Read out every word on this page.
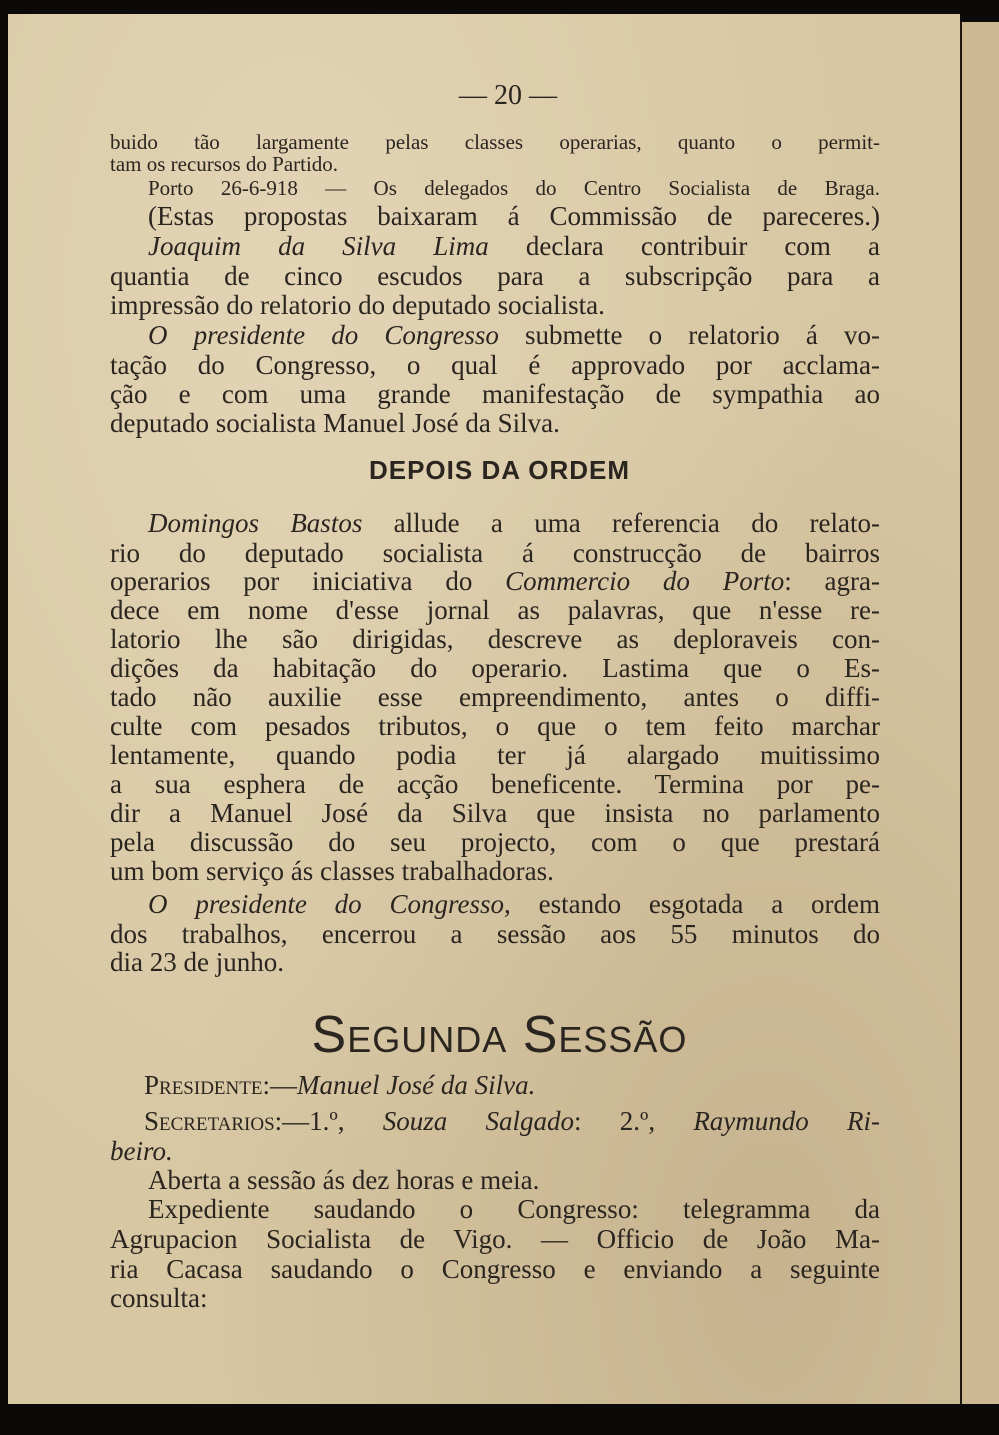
— 20 —
buido tão largamente pelas classes operarias, quanto o permit-
tam os recursos do Partido.
Porto 26-6-918 — Os delegados do Centro Socialista de Braga.
(Estas propostas baixaram á Commissão de pareceres.)
Joaquim da Silva Lima declara contribuir com a
quantia de cinco escudos para a subscripção para a
impressão do relatorio do deputado socialista.
O presidente do Congresso submette o relatorio á vo-
tação do Congresso, o qual é approvado por acclama-
ção e com uma grande manifestação de sympathia ao
deputado socialista Manuel José da Silva.
Domingos Bastos allude a uma referencia do relato-
rio do deputado socialista á construcção de bairros
operarios por iniciativa do Commercio do Porto: agra-
dece em nome d'esse jornal as palavras, que n'esse re-
latorio lhe são dirigidas, descreve as deploraveis con-
dições da habitação do operario. Lastima que o Es-
tado não auxilie esse empreendimento, antes o diffi-
culte com pesados tributos, o que o tem feito marchar
lentamente, quando podia ter já alargado muitissimo
a sua esphera de acção beneficente. Termina por pe-
dir a Manuel José da Silva que insista no parlamento
pela discussão do seu projecto, com o que prestará
um bom serviço ás classes trabalhadoras.
O presidente do Congresso, estando esgotada a ordem
dos trabalhos, encerrou a sessão aos 55 minutos do
dia 23 de junho.
Presidente:—Manuel José da Silva.
Secretarios:—1.º, Souza Salgado: 2.º, Raymundo Ri-
beiro.
Aberta a sessão ás dez horas e meia.
Expediente saudando o Congresso: telegramma da
Agrupacion Socialista de Vigo. — Officio de João Ma-
ria Cacasa saudando o Congresso e enviando a seguinte
consulta:
DEPOIS DA ORDEM
Segunda Sessão
